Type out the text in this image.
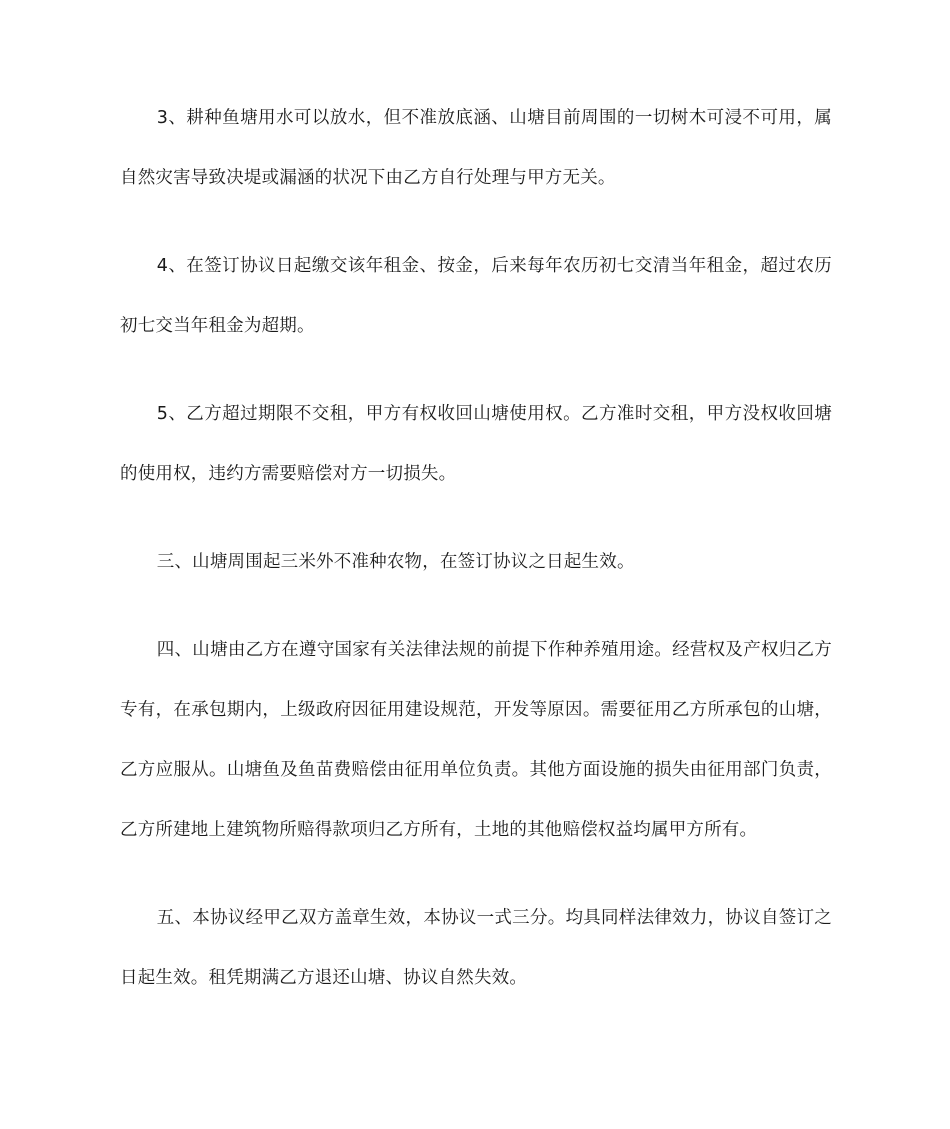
3、耕种鱼塘用水可以放水，但不准放底涵、山塘目前周围的一切树木可浸不可用，属自然灾害导致决堤或漏涵的状况下由乙方自行处理与甲方无关。

4、在签订协议日起缴交该年租金、按金，后来每年农历初七交清当年租金，超过农历初七交当年租金为超期。

5、乙方超过期限不交租，甲方有权收回山塘使用权。乙方准时交租，甲方没权收回塘的使用权，违约方需要赔偿对方一切损失。

三、山塘周围起三米外不准种农物，在签订协议之日起生效。

四、山塘由乙方在遵守国家有关法律法规的前提下作种养殖用途。经营权及产权归乙方专有，在承包期内，上级政府因征用建设规范，开发等原因。需要征用乙方所承包的山塘，乙方应服从。山塘鱼及鱼苗费赔偿由征用单位负责。其他方面设施的损失由征用部门负责，乙方所建地上建筑物所赔得款项归乙方所有，土地的其他赔偿权益均属甲方所有。

五、本协议经甲乙双方盖章生效，本协议一式三分。均具同样法律效力，协议自签订之日起生效。租凭期满乙方退还山塘、协议自然失效。
